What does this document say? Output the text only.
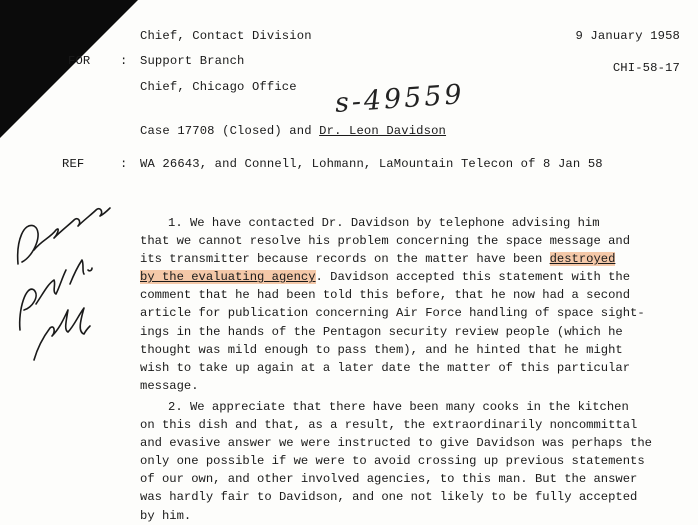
Chief, Contact Division	9 January 1958
FOR : Support Branch	CHI-58-17
Chief, Chicago Office s-49559
Case 17708 (Closed) and Dr. Leon Davidson
REF	: WA 26643, and Connell, Lohmann, LaMountain Telecon of 8 Jan 58
1. We have contacted Dr. Davidson by telephone advising him
that we cannot resolve his problem concerning the space message and
its transmitter because records on the matter have been destroyed
by the evaluating agency. Davidson accepted this statement with the
comment that he had been told this before, that he now had a second
article for publication concerning Air Force handling of space sight-
ings in the hands of the Pentagon security review people (which he
thought was mild enough to pass them), and he hinted that he might
wish to take up again at a later date the matter of this particular
message.
2. We appreciate that there have been many cooks in the kitchen
on this dish and that, as a result, the extraordinarily noncommittal
and evasive answer we were instructed to give Davidson was perhaps the
only one possible if we were to avoid crossing up previous statements
of our own, and other involved agencies, to this man. But the answer
was hardly fair to Davidson, and one not likely to be fully accepted
by him.
